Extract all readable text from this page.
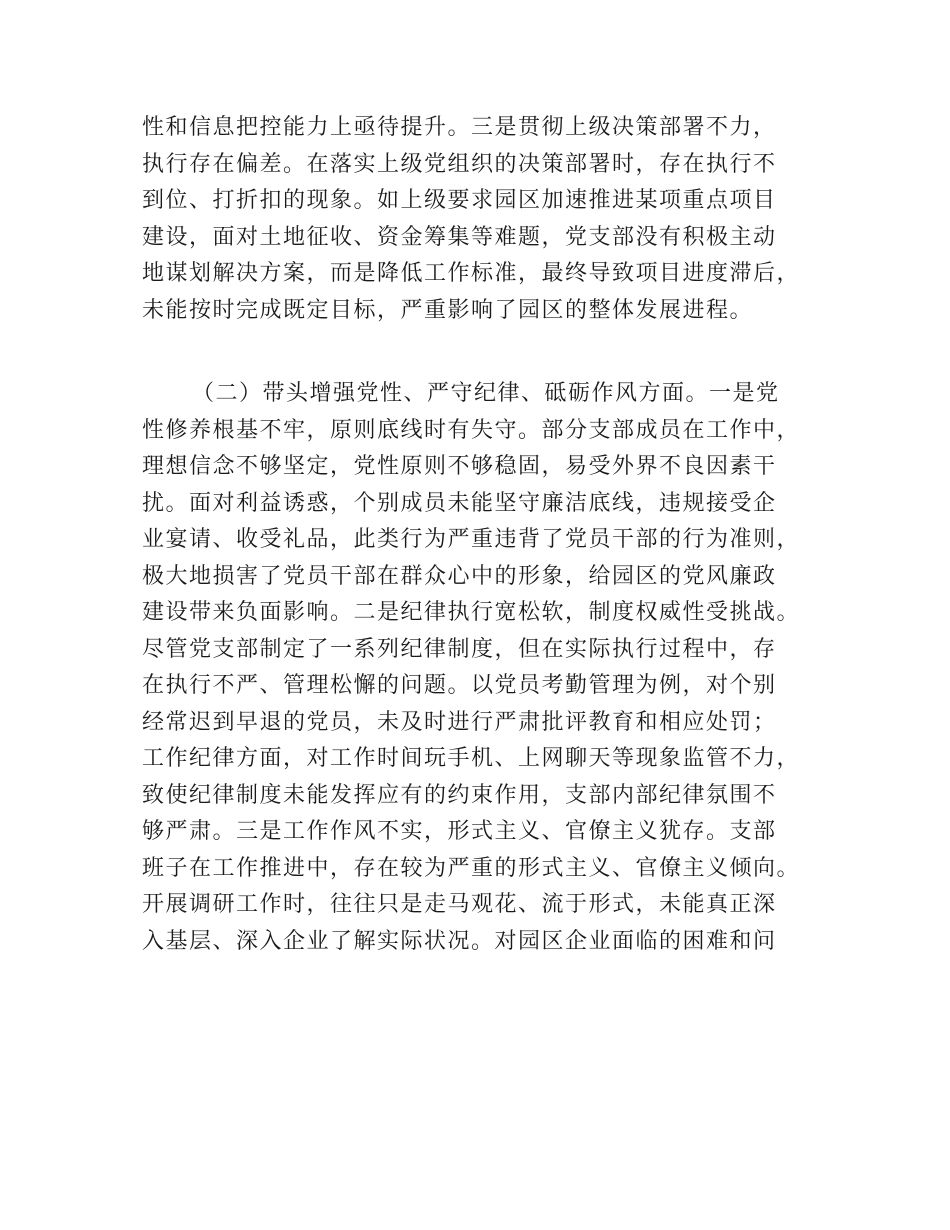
性和信息把控能力上亟待提升。三是贯彻上级决策部署不力，
执行存在偏差。在落实上级党组织的决策部署时，存在执行不
到位、打折扣的现象。如上级要求园区加速推进某项重点项目
建设，面对土地征收、资金筹集等难题，党支部没有积极主动
地谋划解决方案，而是降低工作标准，最终导致项目进度滞后，
未能按时完成既定目标，严重影响了园区的整体发展进程。
（二）带头增强党性、严守纪律、砥砺作风方面。一是党
性修养根基不牢，原则底线时有失守。部分支部成员在工作中，
理想信念不够坚定，党性原则不够稳固，易受外界不良因素干
扰。面对利益诱惑，个别成员未能坚守廉洁底线，违规接受企
业宴请、收受礼品，此类行为严重违背了党员干部的行为准则，
极大地损害了党员干部在群众心中的形象，给园区的党风廉政
建设带来负面影响。二是纪律执行宽松软，制度权威性受挑战。
尽管党支部制定了一系列纪律制度，但在实际执行过程中，存
在执行不严、管理松懈的问题。以党员考勤管理为例，对个别
经常迟到早退的党员，未及时进行严肃批评教育和相应处罚；
工作纪律方面，对工作时间玩手机、上网聊天等现象监管不力，
致使纪律制度未能发挥应有的约束作用，支部内部纪律氛围不
够严肃。三是工作作风不实，形式主义、官僚主义犹存。支部
班子在工作推进中，存在较为严重的形式主义、官僚主义倾向。
开展调研工作时，往往只是走马观花、流于形式，未能真正深
入基层、深入企业了解实际状况。对园区企业面临的困难和问
